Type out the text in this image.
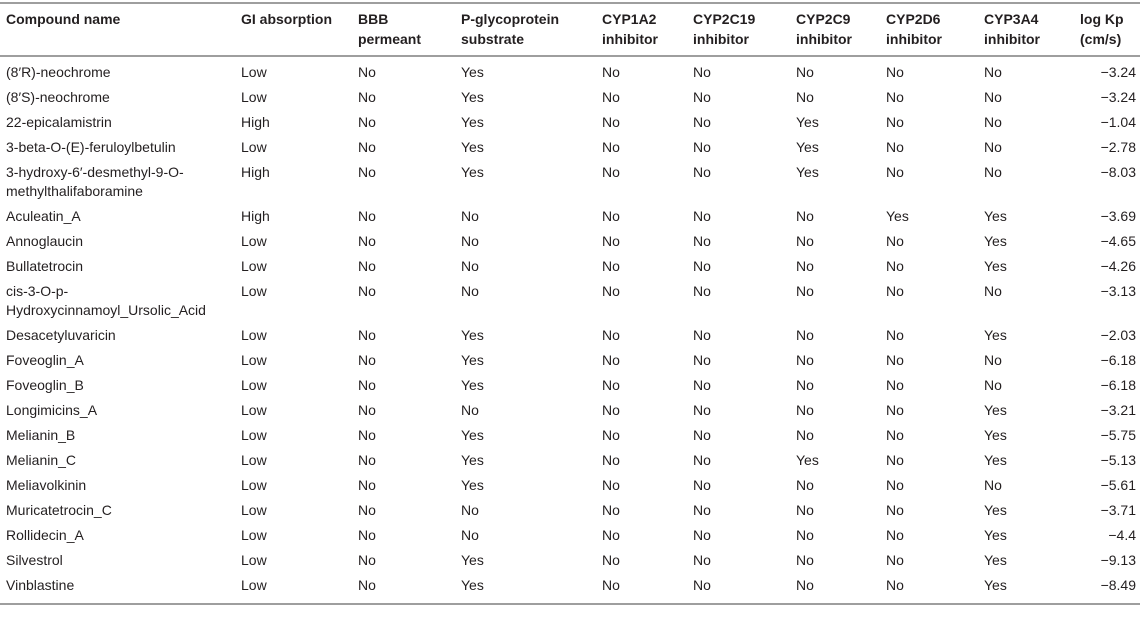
Compound name	GI absorption	BBB permeant	P-glycoprotein substrate	CYP1A2 inhibitor	CYP2C19 inhibitor	CYP2C9 inhibitor	CYP2D6 inhibitor	CYP3A4 inhibitor	log Kp (cm/s)
(8′R)-neochrome	Low	No	Yes	No	No	No	No	No	−3.24
(8′S)-neochrome	Low	No	Yes	No	No	No	No	No	−3.24
22-epicalamistrin	High	No	Yes	No	No	Yes	No	No	−1.04
3-beta-O-(E)-feruloylbetulin	Low	No	Yes	No	No	Yes	No	No	−2.78
3-hydroxy-6′-desmethyl-9-O-methylthalifaboramine	High	No	Yes	No	No	Yes	No	No	−8.03
Aculeatin_A	High	No	No	No	No	No	Yes	Yes	−3.69
Annoglaucin	Low	No	No	No	No	No	No	Yes	−4.65
Bullatetrocin	Low	No	No	No	No	No	No	Yes	−4.26
cis-3-O-p-Hydroxycinnamoyl_Ursolic_Acid	Low	No	No	No	No	No	No	No	−3.13
Desacetyluvaricin	Low	No	Yes	No	No	No	No	Yes	−2.03
Foveoglin_A	Low	No	Yes	No	No	No	No	No	−6.18
Foveoglin_B	Low	No	Yes	No	No	No	No	No	−6.18
Longimicins_A	Low	No	No	No	No	No	No	Yes	−3.21
Melianin_B	Low	No	Yes	No	No	No	No	Yes	−5.75
Melianin_C	Low	No	Yes	No	No	Yes	No	Yes	−5.13
Meliavolkinin	Low	No	Yes	No	No	No	No	No	−5.61
Muricatetrocin_C	Low	No	No	No	No	No	No	Yes	−3.71
Rollidecin_A	Low	No	No	No	No	No	No	Yes	−4.4
Silvestrol	Low	No	Yes	No	No	No	No	Yes	−9.13
Vinblastine	Low	No	Yes	No	No	No	No	Yes	−8.49
